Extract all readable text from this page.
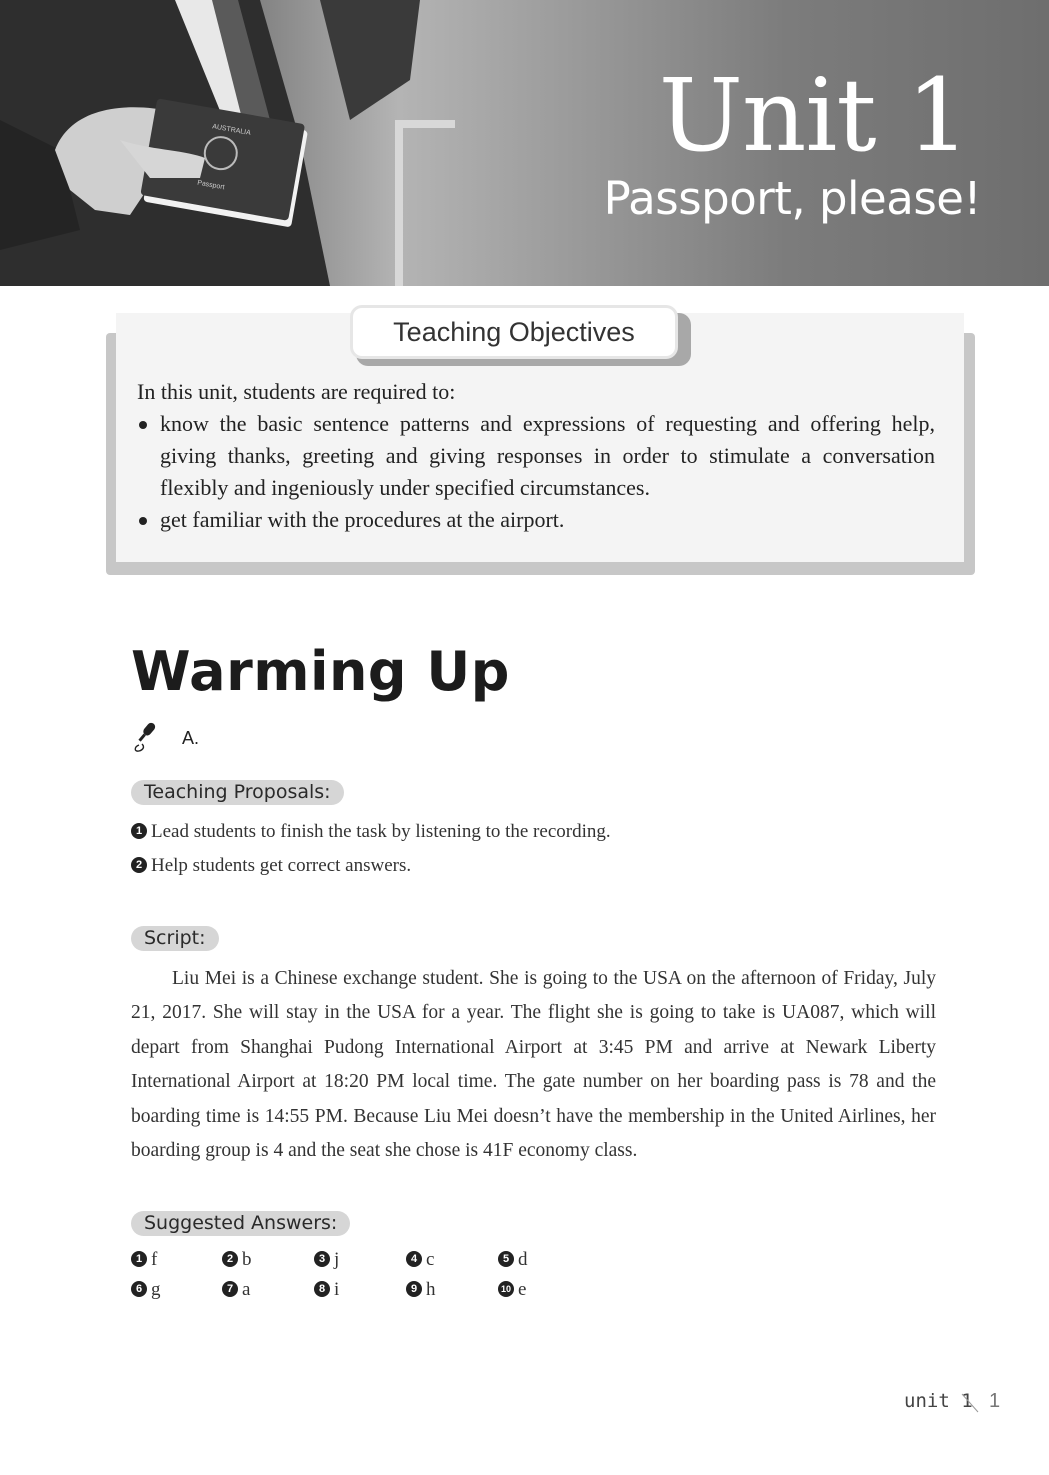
AUSTRALIA
Passport
Unit 1
Passport, please!
Teaching Objectives

In this unit, students are required to:

know the basic sentence patterns and expressions of requesting and offering help, giving thanks, greeting and giving responses in order to stimulate a conversation flexibly and ingeniously under specified circumstances.
get familiar with the procedures at the airport.
Warming Up
A.
Teaching Proposals:
1 Lead students to finish the task by listening to the recording.
2 Help students get correct answers.
Script:

Liu Mei is a Chinese exchange student. She is going to the USA on the afternoon of Friday, July 21, 2017. She will stay in the USA for a year. The flight she is going to take is UA087, which will depart from Shanghai Pudong International Airport at 3:45 PM and arrive at Newark Liberty International Airport at 18:20 PM local time. The gate number on her boarding pass is 78 and the boarding time is 14:55 PM. Because Liu Mei doesn’t have the membership in the United Airlines, her boarding group is 4 and the seat she chose is 41F economy class.

Suggested Answers:
1 f	2 b	3 j	4 c	5 d
6 g	7 a	8 i	9 h	10 e
unit 1 1
